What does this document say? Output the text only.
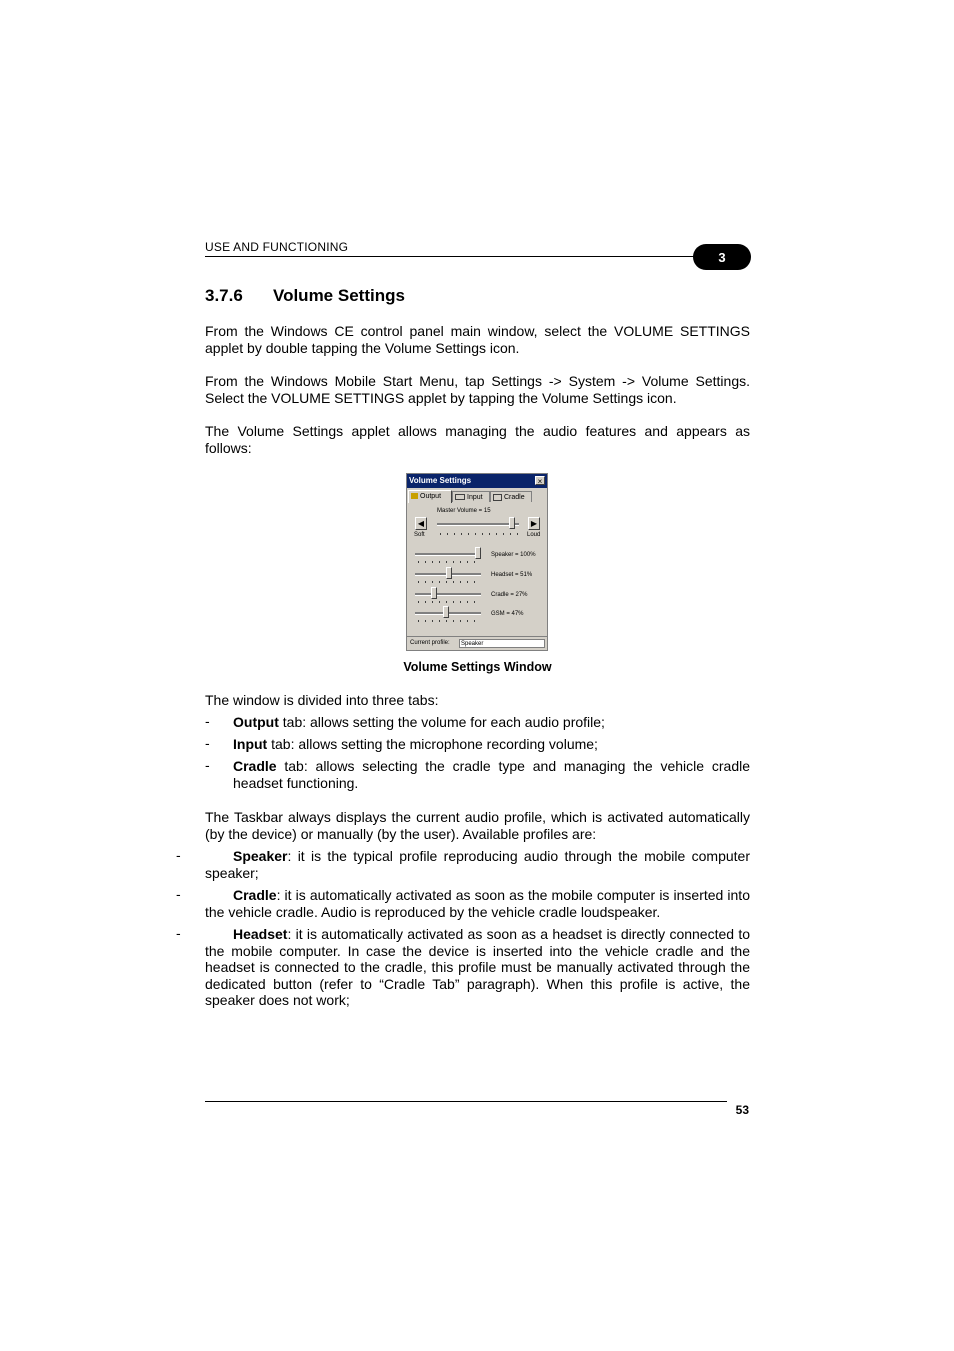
USE AND FUNCTIONING
3
3.7.6 Volume Settings
From the Windows CE control panel main window, select the VOLUME SETTINGS applet by double tapping the Volume Settings icon.
From the Windows Mobile Start Menu, tap Settings -> System -> Volume Settings. Select the VOLUME SETTINGS applet by tapping the Volume Settings icon.
The Volume Settings applet allows managing the audio features and appears as follows:
Volume Settings	×
Output	Input	Cradle
Master Volume = 15
◀	▶
Soft	Loud
Speaker = 100%
Headset = 51%
Cradle = 27%
GSM = 47%
Current profile:	Speaker
Volume Settings Window
The window is divided into three tabs:
- Output tab: allows setting the volume for each audio profile;
- Input tab: allows setting the microphone recording volume;
- Cradle tab: allows selecting the cradle type and managing the vehicle cradle headset functioning.
The Taskbar always displays the current audio profile, which is activated automatically (by the device) or manually (by the user). Available profiles are:
-	Speaker: it is the typical profile reproducing audio through the mobile computer speaker;
-	Cradle: it is automatically activated as soon as the mobile computer is inserted into the vehicle cradle. Audio is reproduced by the vehicle cradle loudspeaker.
-	Headset: it is automatically activated as soon as a headset is directly connected to the mobile computer. In case the device is inserted into the vehicle cradle and the headset is connected to the cradle, this profile must be manually activated through the dedicated button (refer to “Cradle Tab” paragraph). When this profile is active, the speaker does not work;
53
